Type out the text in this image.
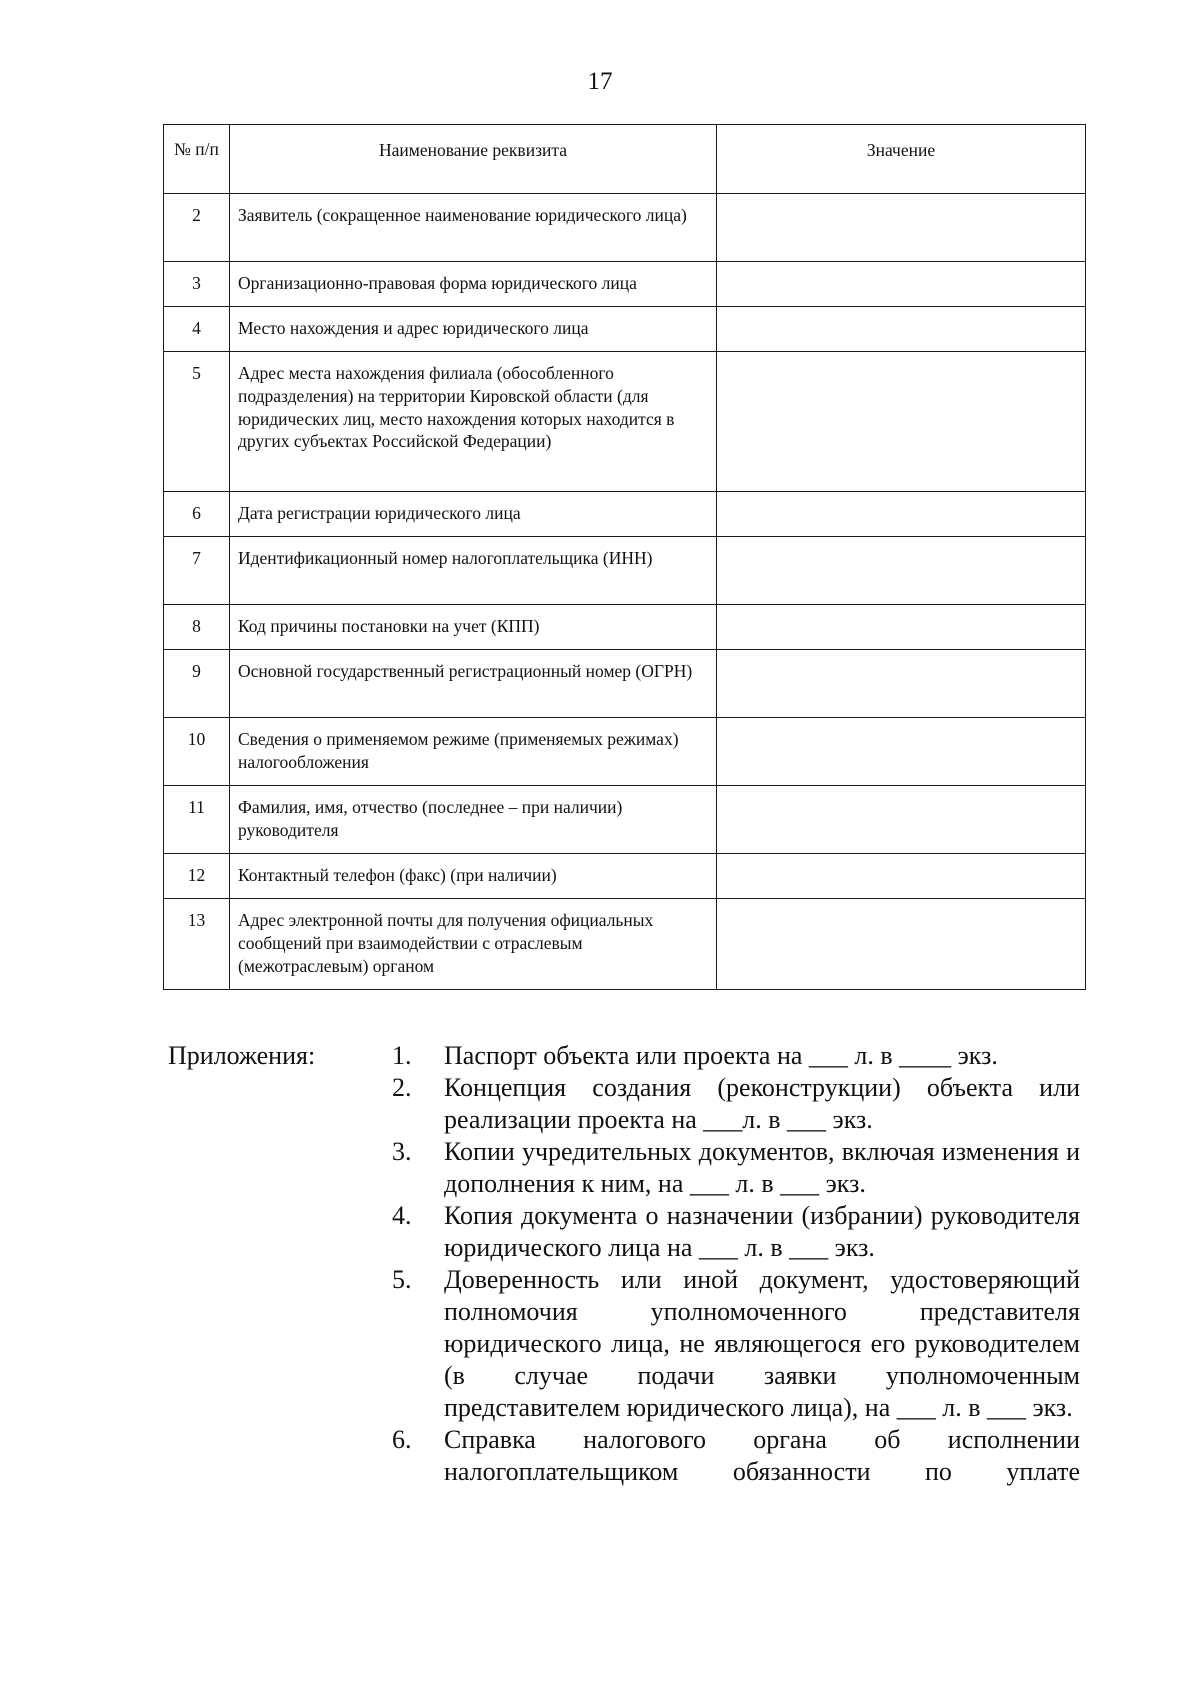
17
№ п/п	Наименование реквизита	Значение
2	Заявитель (сокращенное наименование юридического лица)	
3	Организационно-правовая форма юридического лица	
4	Место нахождения и адрес юридического лица	
5	Адрес места нахождения филиала (обособленного подразделения) на территории Кировской области (для юридических лиц, место нахождения которых находится в других субъектах Российской Федерации)	
6	Дата регистрации юридического лица	
7	Идентификационный номер налогоплательщика (ИНН)	
8	Код причины постановки на учет (КПП)	
9	Основной государственный регистрационный номер (ОГРН)	
10	Сведения о применяемом режиме (применяемых режимах) налогообложения	
11	Фамилия, имя, отчество (последнее – при наличии) руководителя	
12	Контактный телефон (факс) (при наличии)	
13	Адрес электронной почты для получения официальных сообщений при взаимодействии с отраслевым (межотраслевым) органом	
Приложения:	1.	Паспорт объекта или проекта на ___ л. в ____ экз.
2.	Концепция создания (реконструкции) объекта или реализации проекта на ___л. в ___ экз.
3.	Копии учредительных документов, включая изменения и дополнения к ним, на ___ л. в ___ экз.
4.	Копия документа о назначении (избрании) руководителя юридического лица на ___ л. в ___ экз.
5.	Доверенность или иной документ, удостоверяющий полномочия уполномоченного представителя юридического лица, не являющегося его руководителем (в случае подачи заявки уполномоченным представителем юридического лица), на ___ л. в ___ экз.
6.	Справка налогового органа об исполнении налогоплательщиком обязанности по уплате
